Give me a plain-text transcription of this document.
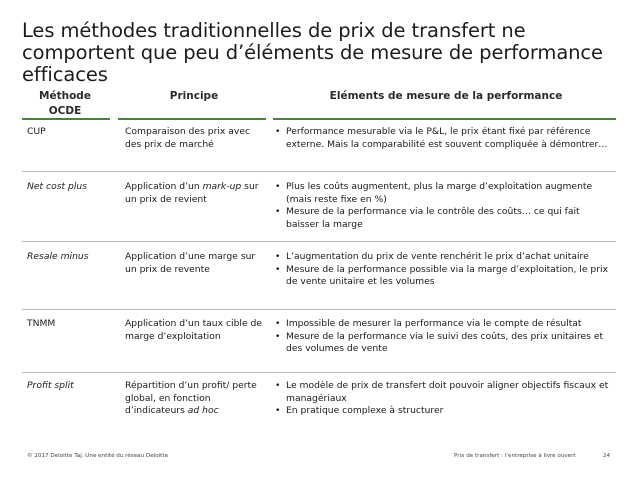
Les méthodes traditionnelles de prix de transfert ne comportent que peu d’éléments de mesure de performance efficaces
Méthode OCDE
Principe	Eléments de mesure de la performance
CUP	Comparaison des prix avec des prix de marché
• Performance mesurable via le P&L, le prix étant fixé par référence externe. Mais la comparabilité est souvent compliquée à démontrer…
Net cost plus	Application d’un mark-up sur un prix de revient
• Plus les coûts augmentent, plus la marge d’exploitation augmente (mais reste fixe en %)
• Mesure de la performance via le contrôle des coûts… ce qui fait baisser la marge
Resale minus	Application d’une marge sur un prix de revente
• L’augmentation du prix de vente renchérit le prix d’achat unitaire
• Mesure de la performance possible via la marge d’exploitation, le prix de vente unitaire et les volumes
TNMM	Application d’un taux cible de marge d’exploitation
• Impossible de mesurer la performance via le compte de résultat
• Mesure de la performance via le suivi des coûts, des prix unitaires et des volumes de vente
Profit split	Répartition d’un profit/ perte global, en fonction d’indicateurs ad hoc
• Le modèle de prix de transfert doit pouvoir aligner objectifs fiscaux et managériaux
• En pratique complexe à structurer
© 2017 Deloitte Taj. Une entité du réseau Deloitte	Prix de transfert : l’entreprise à livre ouvert	24
